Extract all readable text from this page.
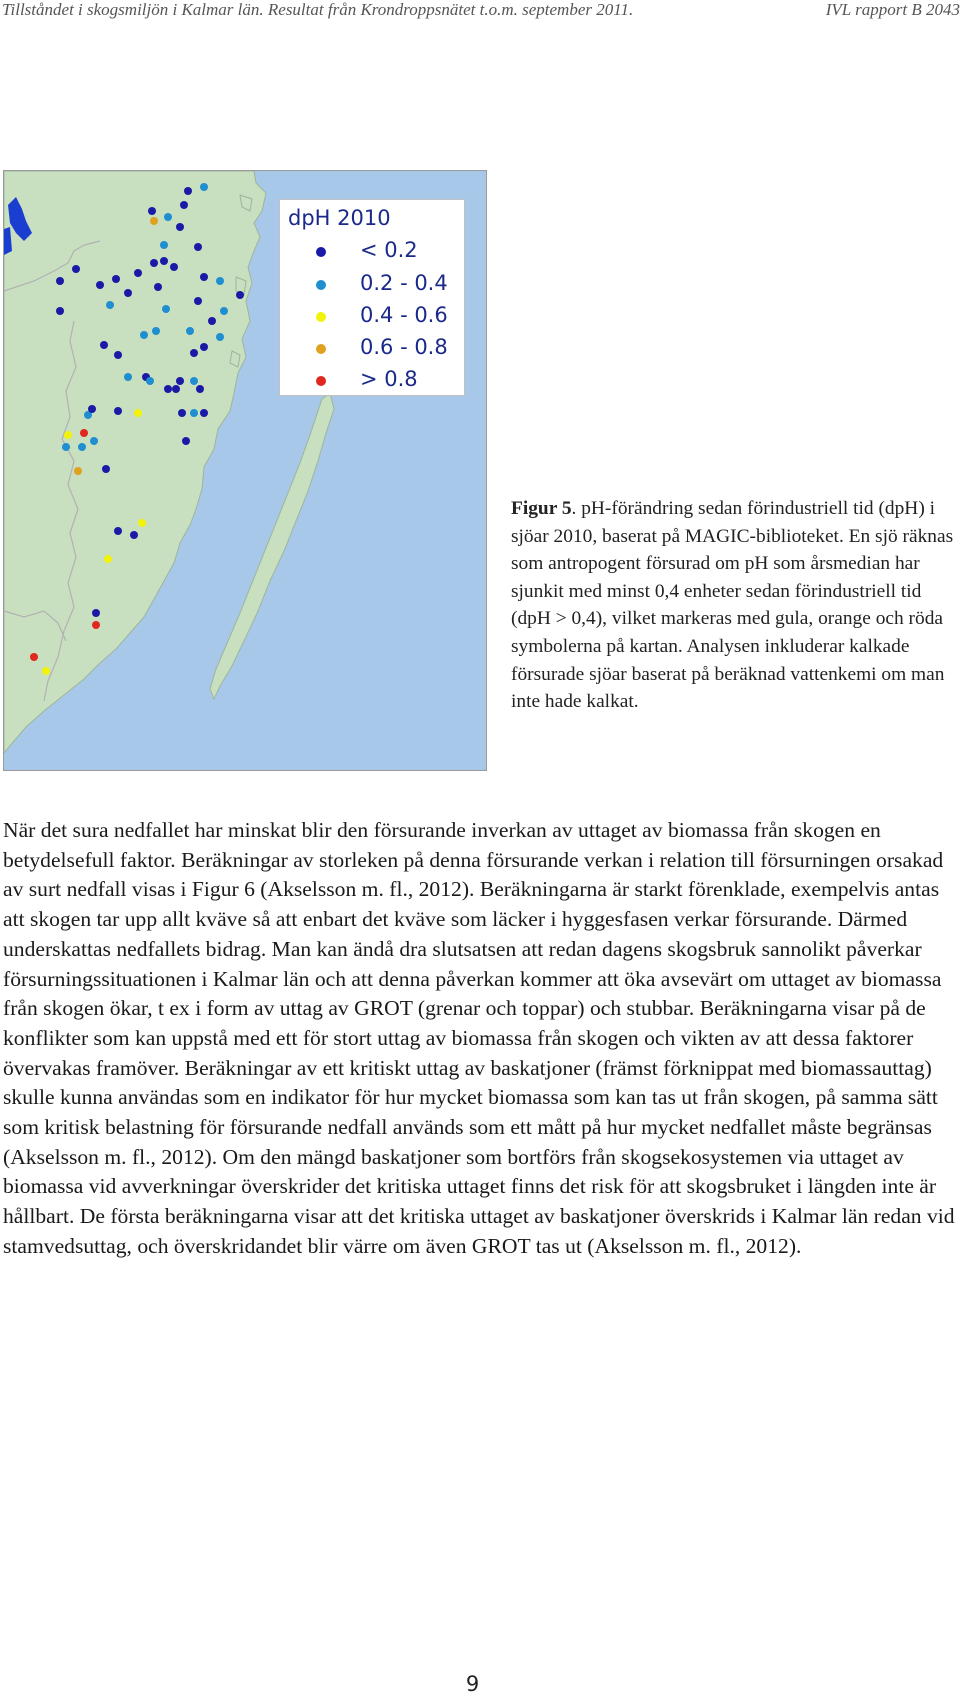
Tillståndet i skogsmiljön i Kalmar län. Resultat från Krondroppsnätet t.o.m. september 2011.	IVL rapport B 2043
dpH 2010
< 0.2
0.2 - 0.4
0.4 - 0.6
0.6 - 0.8
> 0.8
Figur 5. pH-förändring sedan förindustriell tid (dpH) i sjöar 2010, baserat på MAGIC-biblioteket. En sjö räknas som antropogent försurad om pH som årsmedian har sjunkit med minst 0,4 enheter sedan förindustriell tid (dpH > 0,4), vilket markeras med gula, orange och röda symbolerna på kartan. Analysen inkluderar kalkade försurade sjöar baserat på beräknad vattenkemi om man inte hade kalkat.
När det sura nedfallet har minskat blir den försurande inverkan av uttaget av biomassa från skogen en betydelsefull faktor. Beräkningar av storleken på denna försurande verkan i relation till försurningen orsakad av surt nedfall visas i Figur 6 (Akselsson m. fl., 2012). Beräkningarna är starkt förenklade, exempelvis antas att skogen tar upp allt kväve så att enbart det kväve som läcker i hyggesfasen verkar försurande. Därmed underskattas nedfallets bidrag. Man kan ändå dra slutsatsen att redan dagens skogsbruk sannolikt påverkar försurningssituationen i Kalmar län och att denna påverkan kommer att öka avsevärt om uttaget av biomassa från skogen ökar, t ex i form av uttag av GROT (grenar och toppar) och stubbar. Beräkningarna visar på de konflikter som kan uppstå med ett för stort uttag av biomassa från skogen och vikten av att dessa faktorer övervakas framöver. Beräkningar av ett kritiskt uttag av baskatjoner (främst förknippat med biomassauttag) skulle kunna användas som en indikator för hur mycket biomassa som kan tas ut från skogen, på samma sätt som kritisk belastning för försurande nedfall används som ett mått på hur mycket nedfallet måste begränsas (Akselsson m. fl., 2012). Om den mängd baskatjoner som bortförs från skogsekosystemen via uttaget av biomassa vid avverkningar överskrider det kritiska uttaget finns det risk för att skogsbruket i längden inte är hållbart. De första beräkningarna visar att det kritiska uttaget av baskatjoner överskrids i Kalmar län redan vid stamvedsuttag, och överskridandet blir värre om även GROT tas ut (Akselsson m. fl., 2012).
9
